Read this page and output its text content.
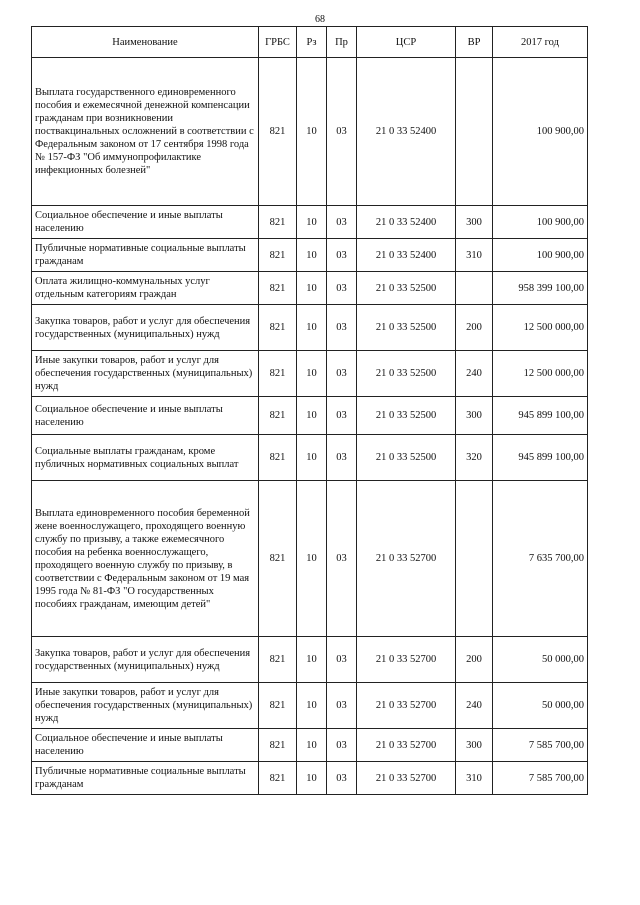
68
Наименование	ГРБС	Рз	Пр	ЦСР	ВР	2017 год
Выплата государственного единовременного пособия и ежемесячной денежной компенсации гражданам при возникновении поствакцинальных осложнений в соответствии с Федеральным законом от 17 сентября 1998 года № 157-ФЗ "Об иммунопрофилактике инфекционных болезней"	821	10	03	21 0 33 52400		100 900,00
Социальное обеспечение и иные выплаты населению	821	10	03	21 0 33 52400	300	100 900,00
Публичные нормативные социальные выплаты гражданам	821	10	03	21 0 33 52400	310	100 900,00
Оплата жилищно-коммунальных услуг отдельным категориям граждан	821	10	03	21 0 33 52500		958 399 100,00
Закупка товаров, работ и услуг для обеспечения государственных (муниципальных) нужд	821	10	03	21 0 33 52500	200	12 500 000,00
Иные закупки товаров, работ и услуг для обеспечения государственных (муниципальных) нужд	821	10	03	21 0 33 52500	240	12 500 000,00
Социальное обеспечение и иные выплаты населению	821	10	03	21 0 33 52500	300	945 899 100,00
Социальные выплаты гражданам, кроме публичных нормативных социальных выплат	821	10	03	21 0 33 52500	320	945 899 100,00
Выплата единовременного пособия беременной жене военнослужащего, проходящего военную службу по призыву, а также ежемесячного пособия на ребенка военнослужащего, проходящего военную службу по призыву, в соответствии с Федеральным законом от 19 мая 1995 года № 81-ФЗ "О государственных пособиях гражданам, имеющим детей"	821	10	03	21 0 33 52700		7 635 700,00
Закупка товаров, работ и услуг для обеспечения государственных (муниципальных) нужд	821	10	03	21 0 33 52700	200	50 000,00
Иные закупки товаров, работ и услуг для обеспечения государственных (муниципальных) нужд	821	10	03	21 0 33 52700	240	50 000,00
Социальное обеспечение и иные выплаты населению	821	10	03	21 0 33 52700	300	7 585 700,00
Публичные нормативные социальные выплаты гражданам	821	10	03	21 0 33 52700	310	7 585 700,00
